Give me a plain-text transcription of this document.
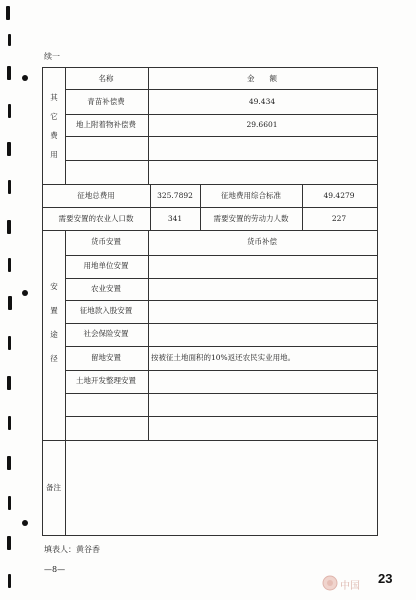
续一
其
它
费
用
名称	金　　额
青苗补偿费	49.434
地上附着物补偿费	29.6601
征地总费用	325.7892	征地费用综合标准	49.4279
需要安置的农业人口数	341	需要安置的劳动力人数	227
安
置
途
径
货币安置	货币补偿
用地单位安置
农业安置
征地款入股安置
社会保险安置
留地安置	按被征土地面积的10%返还农民实业用地。
土地开发整理安置
备注
填表人：黄谷香
—8—
23
中国
